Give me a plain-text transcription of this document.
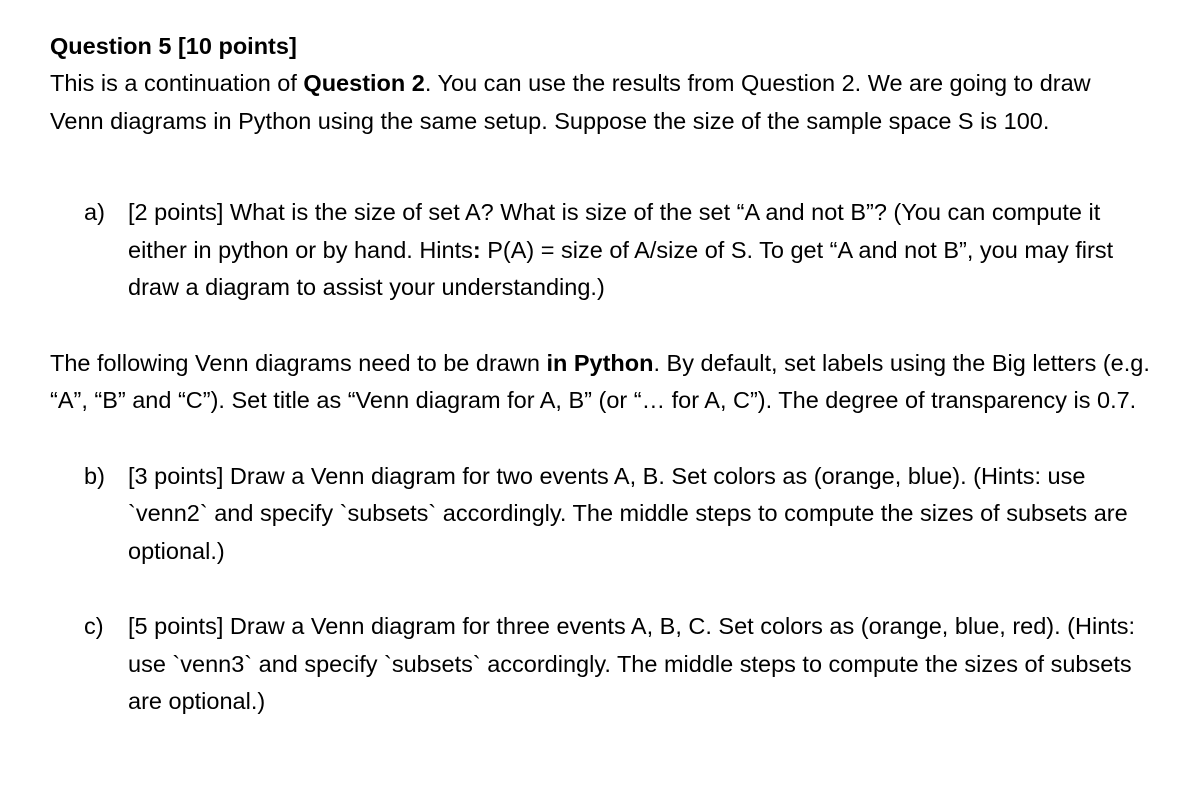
Question 5 [10 points]

This is a continuation of Question 2. You can use the results from Question 2. We are going to draw Venn diagrams in Python using the same setup. Suppose the size of the sample space S is 100.

a) [2 points] What is the size of set A? What is size of the set “A and not B”? (You can compute it either in python or by hand. Hints: P(A) = size of A/size of S. To get “A and not B”, you may first draw a diagram to assist your understanding.)

The following Venn diagrams need to be drawn in Python. By default, set labels using the Big letters (e.g. “A”, “B” and “C”). Set title as “Venn diagram for A, B” (or “… for A, C”). The degree of transparency is 0.7.

b) [3 points] Draw a Venn diagram for two events A, B. Set colors as (orange, blue). (Hints: use `venn2` and specify `subsets` accordingly. The middle steps to compute the sizes of subsets are optional.)
c)	[5 points] Draw a Venn diagram for three events A, B, C. Set colors as (orange, blue, red). (Hints: use `venn3` and specify `subsets` accordingly. The middle steps to compute the sizes of subsets are optional.)
